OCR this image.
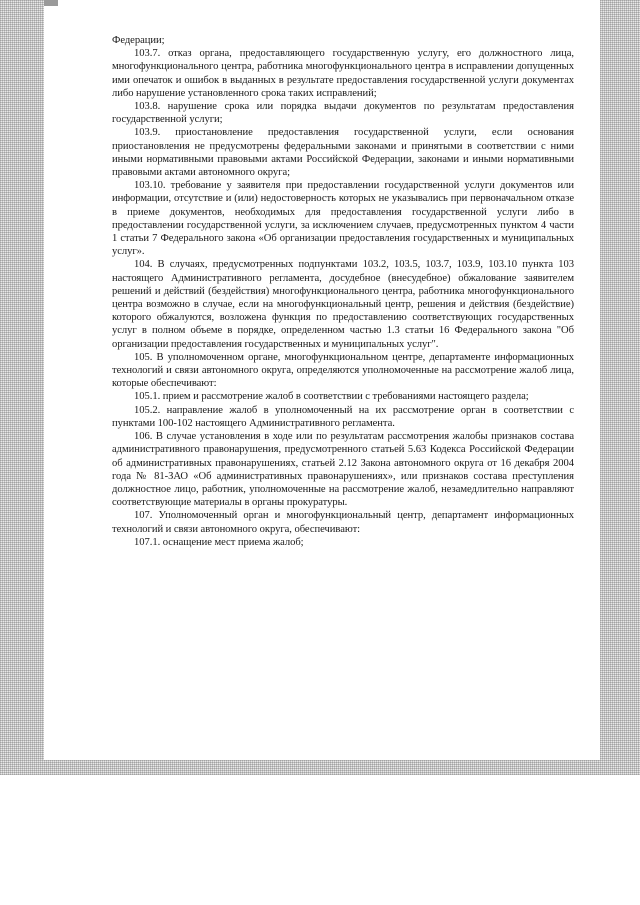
Федерации;

103.7. отказ органа, предоставляющего государственную услугу, его должностного лица, многофункционального центра, работника многофункционального центра в исправлении допущенных ими опечаток и ошибок в выданных в результате предоставления государственной услуги документах либо нарушение установленного срока таких исправлений;

103.8. нарушение срока или порядка выдачи документов по результатам предоставления государственной услуги;

103.9. приостановление предоставления государственной услуги, если основания приостановления не предусмотрены федеральными законами и принятыми в соответствии с ними иными нормативными правовыми актами Российской Федерации, законами и иными нормативными правовыми актами автономного округа;

103.10. требование у заявителя при предоставлении государственной услуги документов или информации, отсутствие и (или) недостоверность которых не указывались при первоначальном отказе в приеме документов, необходимых для предоставления государственной услуги либо в предоставлении государственной услуги, за исключением случаев, предусмотренных пунктом 4 части 1 статьи 7 Федерального закона «Об организации предоставления государственных и муниципальных услуг».

104. В случаях, предусмотренных подпунктами 103.2, 103.5, 103.7, 103.9, 103.10 пункта 103 настоящего Административного регламента, досудебное (внесудебное) обжалование заявителем решений и действий (бездействия) многофункционального центра, работника многофункционального центра возможно в случае, если на многофункциональный центр, решения и действия (бездействие) которого обжалуются, возложена функция по предоставлению соответствующих государственных услуг в полном объеме в порядке, определенном частью 1.3 статьи 16 Федерального закона "Об организации предоставления государственных и муниципальных услуг".

105. В уполномоченном органе, многофункциональном центре, департаменте информационных технологий и связи автономного округа, определяются уполномоченные на рассмотрение жалоб лица, которые обеспечивают:

105.1. прием и рассмотрение жалоб в соответствии с требованиями настоящего раздела;

105.2. направление жалоб в уполномоченный на их рассмотрение орган в соответствии с пунктами 100-102 настоящего Административного регламента.

106. В случае установления в ходе или по результатам рассмотрения жалобы признаков состава административного правонарушения, предусмотренного статьей 5.63 Кодекса Российской Федерации об административных правонарушениях, статьей 2.12 Закона автономного округа от 16 декабря 2004 года № 81-ЗАО «Об административных правонарушениях», или признаков состава преступления должностное лицо, работник, уполномоченные на рассмотрение жалоб, незамедлительно направляют соответствующие материалы в органы прокуратуры.

107. Уполномоченный орган и многофункциональный центр, департамент информационных технологий и связи автономного округа, обеспечивают:

107.1. оснащение мест приема жалоб;
